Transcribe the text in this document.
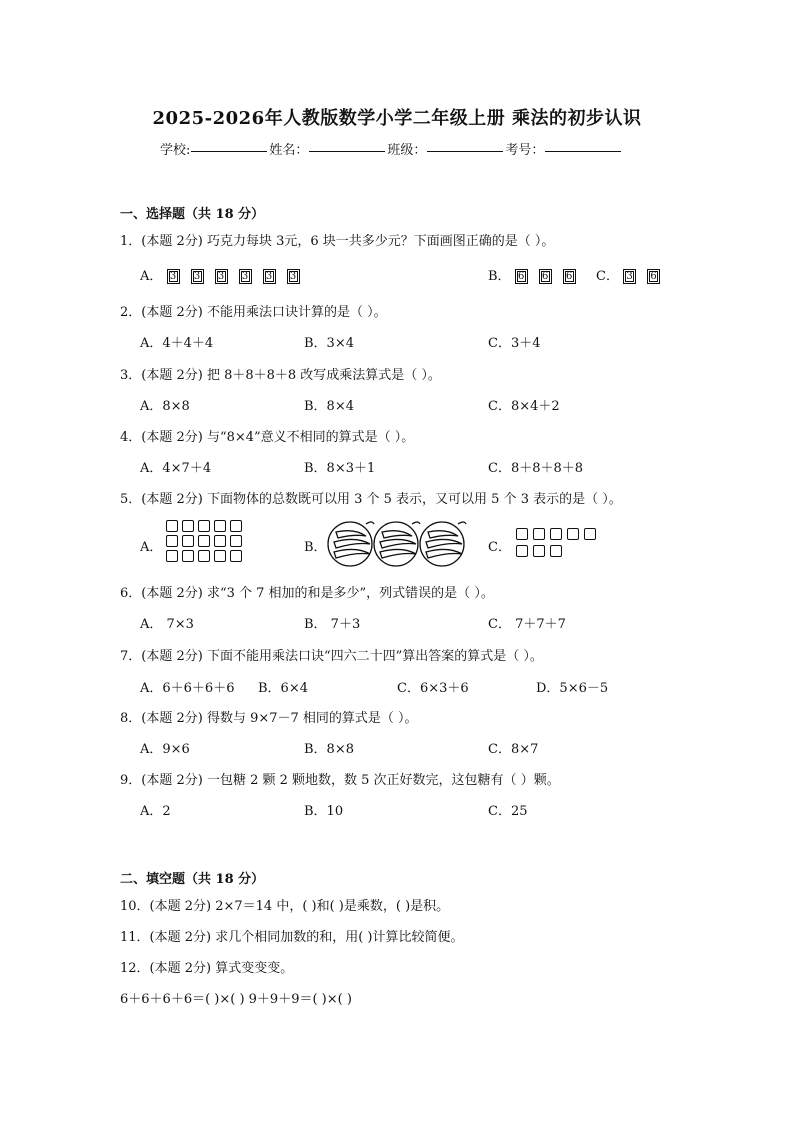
2025-2026年人教版数学小学二年级上册 乘法的初步认识
学校:	姓名：	班级：	考号：
一、选择题（共 18 分）
1．(本题 2分) 巧克力每块 3元，6 块一共多少元？下面画图正确的是（ ）。
A． 3 3 3 3 3 3	B． 6 6 6	C． 3 6
2．(本题 2分) 不能用乘法口诀计算的是（ ）。
A．4＋4＋4	B．3×4	C．3＋4
3．(本题 2分) 把 8＋8＋8＋8 改写成乘法算式是（ ）。
A．8×8	B．8×4	C．8×4＋2
4．(本题 2分) 与“8×4”意义不相同的算式是（ ）。
A．4×7＋4	B．8×3＋1	C．8＋8＋8＋8
5．(本题 2分) 下面物体的总数既可以用 3 个 5 表示，又可以用 5 个 3 表示的是（ ）。
A．	B．	C．
6．(本题 2分) 求“3 个 7 相加的和是多少”，列式错误的是（ ）。
A． 7×3	B． 7＋3	C． 7＋7＋7
7．(本题 2分) 下面不能用乘法口诀“四六二十四”算出答案的算式是（ ）。
A．6＋6＋6＋6 B．6×4	C．6×3＋6	D．5×6－5
8．(本题 2分) 得数与 9×7－7 相同的算式是（ ）。
A．9×6	B．8×8	C．8×7
9．(本题 2分) 一包糖 2 颗 2 颗地数，数 5 次正好数完，这包糖有（ ）颗。
A．2	B．10	C．25
二、填空题（共 18 分）
10．(本题 2分) 2×7＝14 中，( )和( )是乘数，( )是积。
11．(本题 2分) 求几个相同加数的和，用( )计算比较简便。
12．(本题 2分) 算式变变变。
6＋6＋6＋6＝( )×( ) 9＋9＋9＝( )×( )
